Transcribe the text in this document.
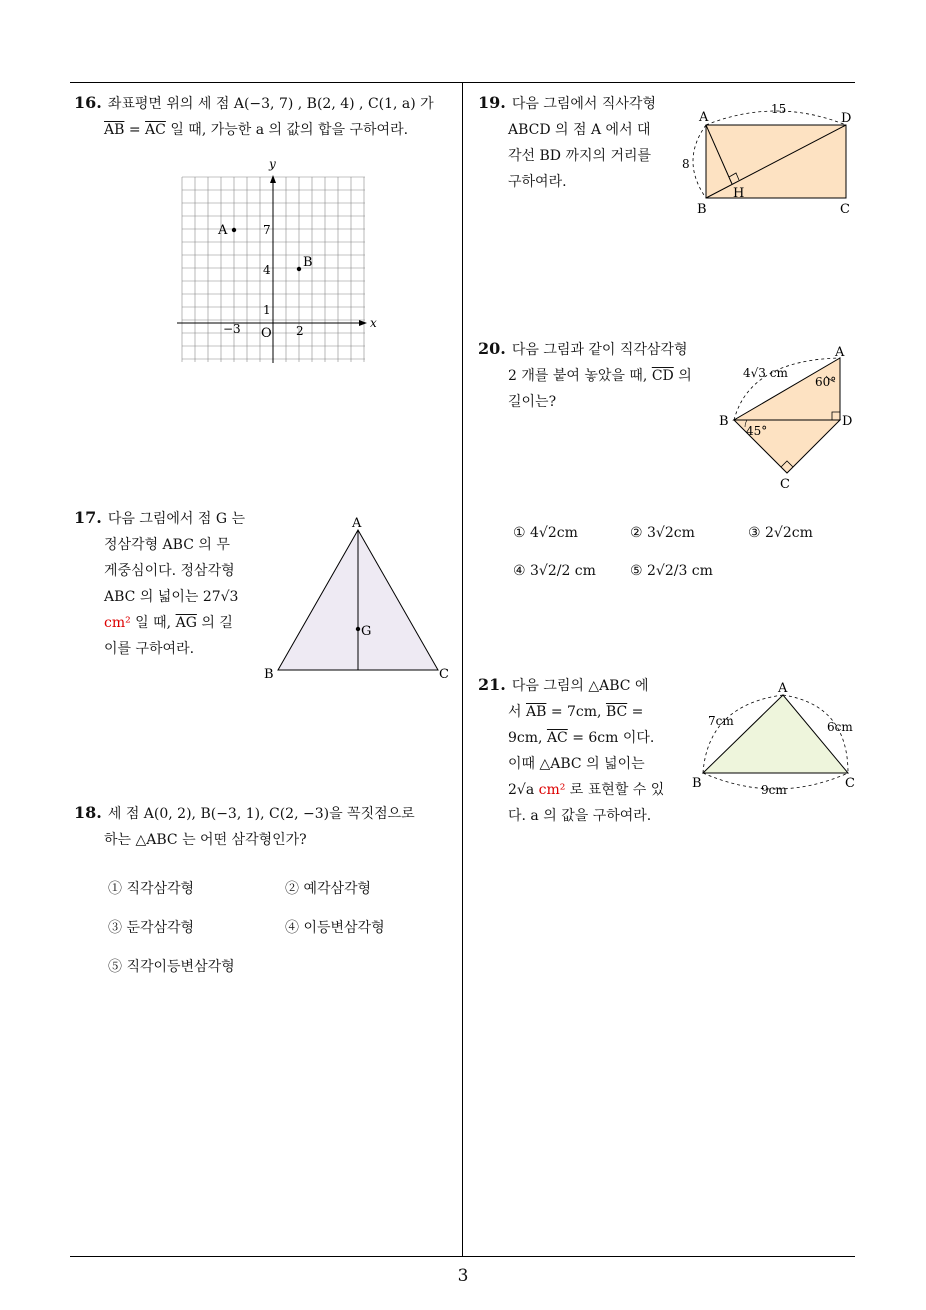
16. 좌표평면 위의 세 점 A(−3, 7) , B(2, 4) , C(1, a) 가
$\overline{AB} = \overline{AC}$ 일 때, 가능한 a 의 값의 합을 구하여라.
x
y
O
−3	2
7
4
1
A
B
17. 다음 그림에서 점 G 는
정삼각형 ABC 의 무
게중심이다. 정삼각형
ABC 의 넓이는 27√3
cm² 일 때, $\overline{AG}$ 의 길
이를 구하여라.
A
B	C
G
18. 세 점 A(0, 2), B(−3, 1), C(2, −3)을 꼭짓점으로
하는 △ABC 는 어떤 삼각형인가?
① 직각삼각형	② 예각삼각형
③ 둔각삼각형	④ 이등변삼각형
⑤ 직각이등변삼각형
19. 다음 그림에서 직사각형
ABCD 의 점 A 에서 대
각선 BD 까지의 거리를
구하여라.
A
B	C
D
H
15
8
20. 다음 그림과 같이 직각삼각형
2 개를 붙여 놓았을 때, $\overline{CD}$ 의
길이는?
A
B
C
D
4√3 cm
60°
45°
① 4√2cm	② 3√2cm	③ 2√2cm
④ 3√2/2 cm ⑤ 2√2/3 cm
21. 다음 그림의 △ABC 에
서 $\overline{AB} = 7cm$, $\overline{BC}$ =
9cm, $\overline{AC} = 6cm$ 이다.
이때 △ABC 의 넓이는
2√a cm² 로 표현할 수 있
다. a 의 값을 구하여라.
A
B	C
7cm	6cm
9cm
3
